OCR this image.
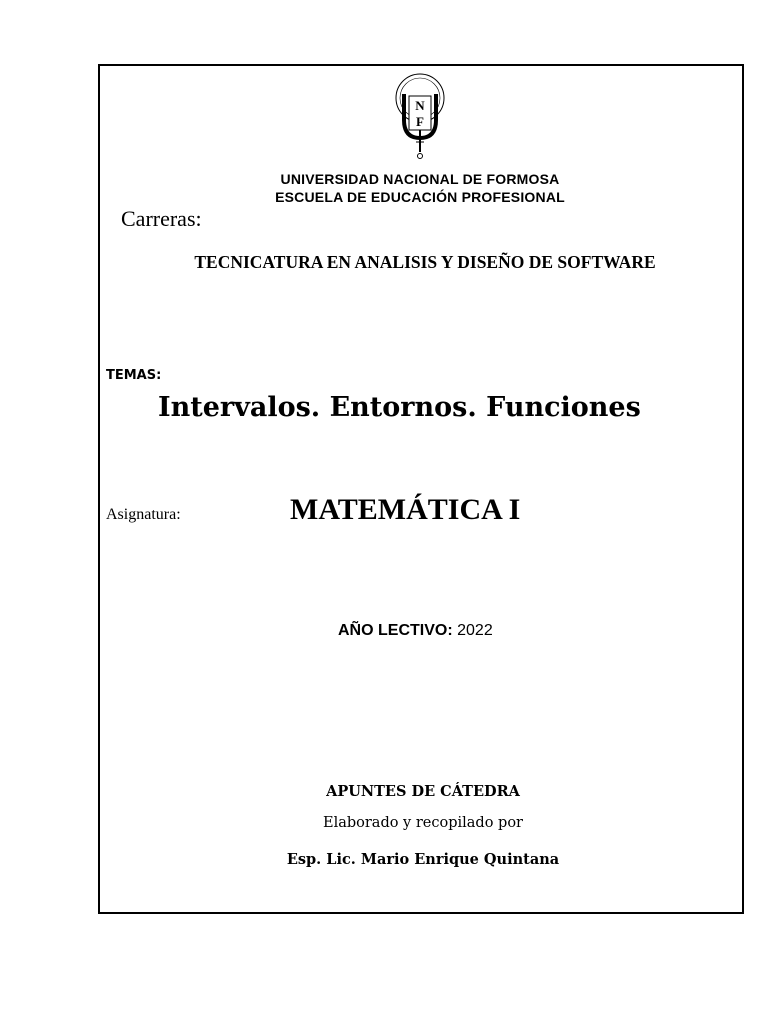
N
F
UNIVERSIDAD NACIONAL DE FORMOSA
ESCUELA DE EDUCACIÓN PROFESIONAL
Carreras:
TECNICATURA EN ANALISIS Y DISEÑO DE SOFTWARE
TEMAS:
Intervalos. Entornos. Funciones
Asignatura:	MATEMÁTICA I
AÑO LECTIVO: 2022
APUNTES DE CÁTEDRA
Elaborado y recopilado por
Esp. Lic. Mario Enrique Quintana
